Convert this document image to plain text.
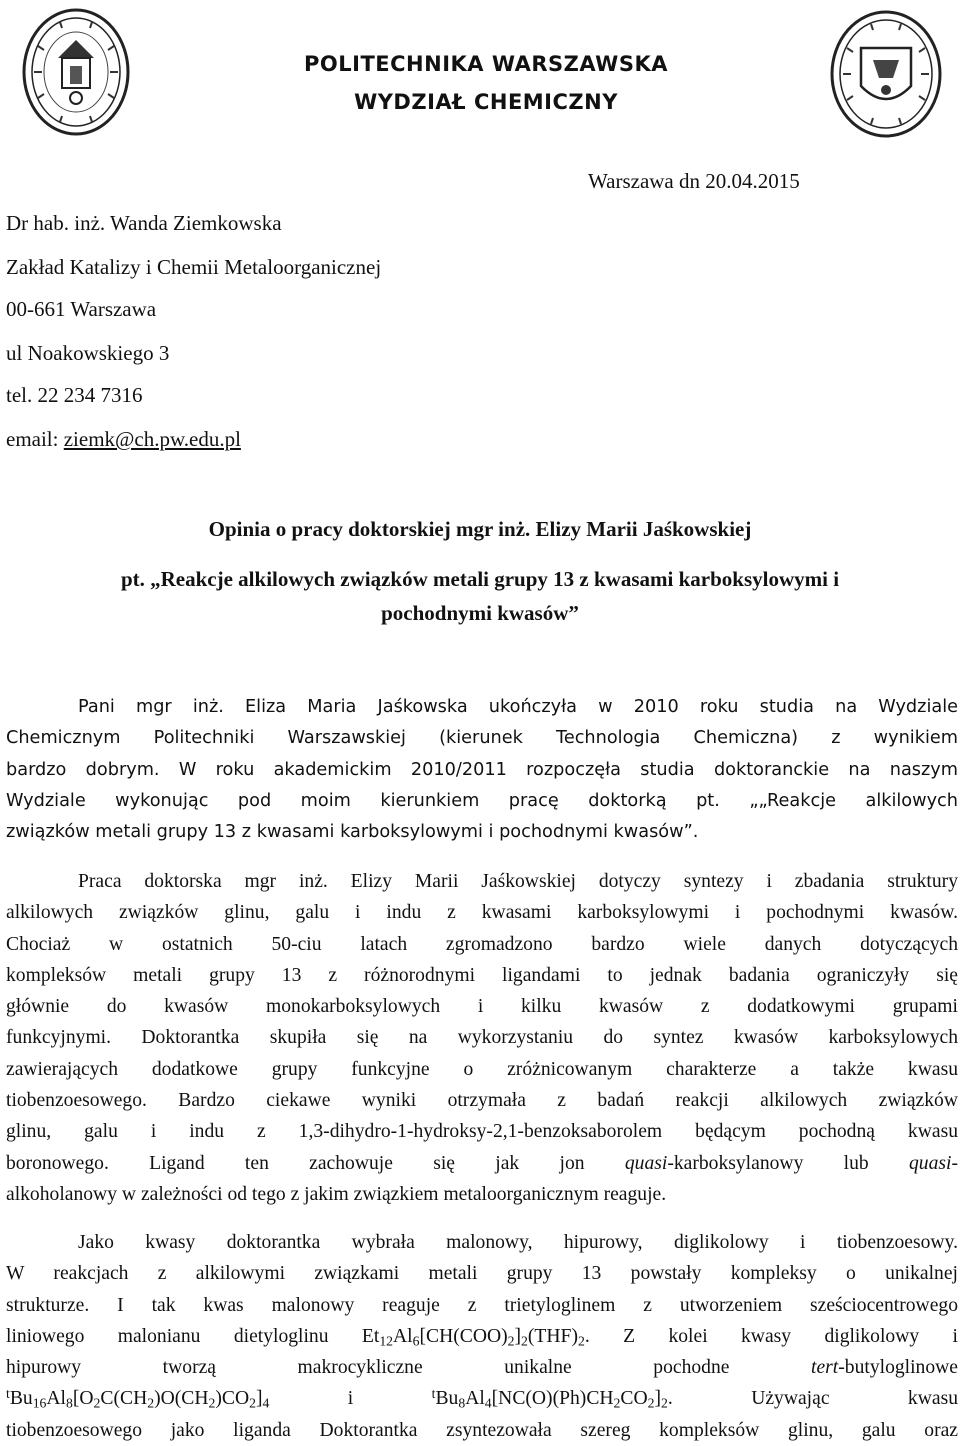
POLITECHNIKA WARSZAWSKA
WYDZIAŁ CHEMICZNY
Warszawa dn 20.04.2015
Dr hab. inż. Wanda Ziemkowska
Zakład Katalizy i Chemii Metaloorganicznej
00-661 Warszawa
ul Noakowskiego 3
tel. 22 234 7316
email: ziemk@ch.pw.edu.pl
Opinia o pracy doktorskiej mgr inż. Elizy Marii Jaśkowskiej
pt. „Reakcje alkilowych związków metali grupy 13 z kwasami karboksylowymi i
pochodnymi kwasów”
Pani mgr inż. Eliza Maria Jaśkowska ukończyła w 2010 roku studia na Wydziale
Chemicznym Politechniki Warszawskiej (kierunek Technologia Chemiczna) z wynikiem
bardzo dobrym. W roku akademickim 2010/2011 rozpoczęła studia doktoranckie na naszym
Wydziale wykonując pod moim kierunkiem pracę doktorką pt. „„Reakcje alkilowych
związków metali grupy 13 z kwasami karboksylowymi i pochodnymi kwasów”.
Praca doktorska mgr inż. Elizy Marii Jaśkowskiej dotyczy syntezy i zbadania struktury
alkilowych związków glinu, galu i indu z kwasami karboksylowymi i pochodnymi kwasów.
Chociaż w ostatnich 50-ciu latach zgromadzono bardzo wiele danych dotyczących
kompleksów metali grupy 13 z różnorodnymi ligandami to jednak badania ograniczyły się
głównie do kwasów monokarboksylowych i kilku kwasów z dodatkowymi grupami
funkcyjnymi. Doktorantka skupiła się na wykorzystaniu do syntez kwasów karboksylowych
zawierających dodatkowe grupy funkcyjne o zróżnicowanym charakterze a także kwasu
tiobenzoesowego. Bardzo ciekawe wyniki otrzymała z badań reakcji alkilowych związków
glinu, galu i indu z 1,3-dihydro-1-hydroksy-2,1-benzoksaborolem będącym pochodną kwasu
boronowego. Ligand ten zachowuje się jak jon quasi-karboksylanowy lub quasi-
alkoholanowy w zależności od tego z jakim związkiem metaloorganicznym reaguje.
Jako kwasy doktorantka wybrała malonowy, hipurowy, diglikolowy i tiobenzoesowy.
W reakcjach z alkilowymi związkami metali grupy 13 powstały kompleksy o unikalnej
strukturze. I tak kwas malonowy reaguje z trietyloglinem z utworzeniem sześciocentrowego
liniowego malonianu dietyloglinu $Et_{12}Al_6[CH(COO)_2]_2(THF)_2$. Z kolei kwasy diglikolowy i
hipurowy tworzą makrocykliczne unikalne pochodne tert-butyloglinowe
$^tBu_{16}Al_8[O_2C(CH_2)O(CH_2)CO_2]_4$ i $^tBu_8Al_4[NC(O)(Ph)CH_2CO_2]_2$. Używając kwasu
tiobenzoesowego jako liganda Doktorantka zsyntezowała szereg kompleksów glinu, galu oraz
